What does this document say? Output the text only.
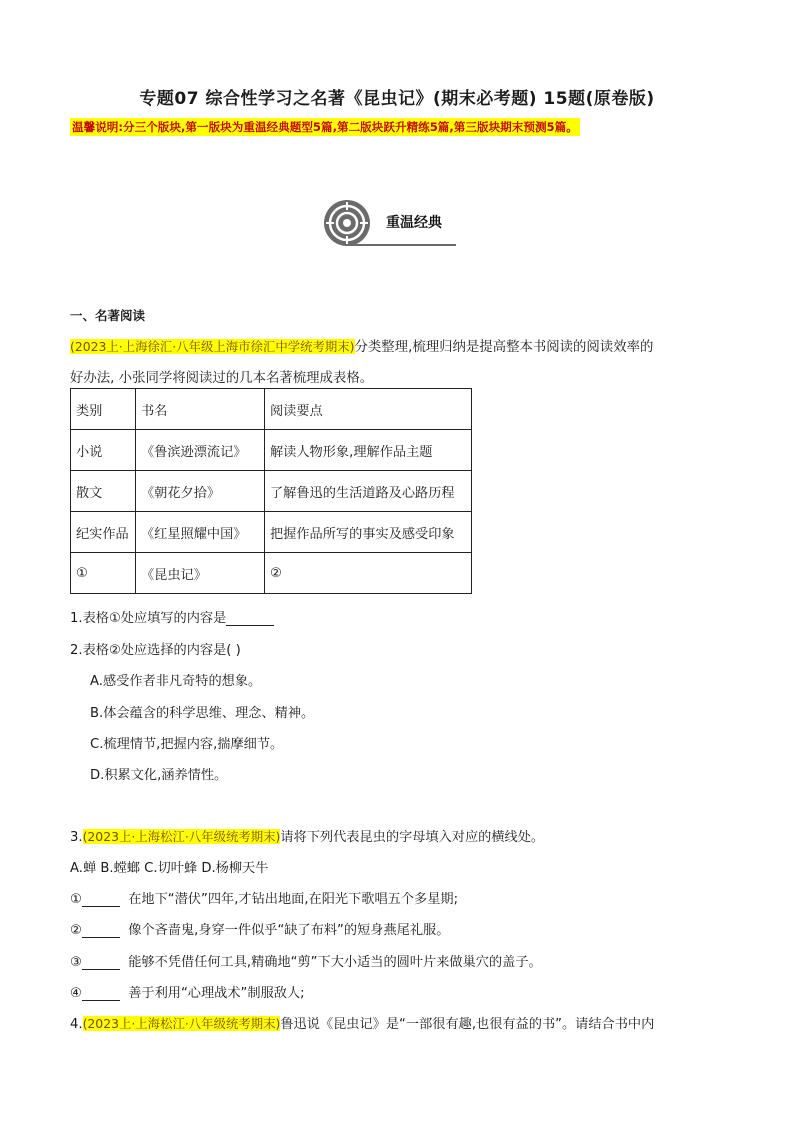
专题07 综合性学习之名著《昆虫记》(期末必考题) 15题(原卷版)
温馨说明:分三个版块,第一版块为重温经典题型5篇,第二版块跃升精练5篇,第三版块期末预测5篇。
重温经典
一、名著阅读
(2023上·上海徐汇·八年级上海市徐汇中学统考期末)分类整理,梳理归纳是提高整本书阅读的阅读效率的
好办法, 小张同学将阅读过的几本名著梳理成表格。
类别	书名	阅读要点
小说	《鲁滨逊漂流记》	解读人物形象,理解作品主题
散文	《朝花夕拾》	了解鲁迅的生活道路及心路历程
纪实作品	《红星照耀中国》	把握作品所写的事实及感受印象
①	《昆虫记》	②
1.表格①处应填写的内容是
2.表格②处应选择的内容是( )
A.感受作者非凡奇特的想象。
B.体会蕴含的科学思维、理念、精神。
C.梳理情节,把握内容,揣摩细节。
D.积累文化,涵养情性。
3.(2023上·上海松江·八年级统考期末)请将下列代表昆虫的字母填入对应的横线处。
A.蝉 B.螳螂 C.切叶蜂 D.杨柳天牛
①	在地下“潜伏”四年,才钻出地面,在阳光下歌唱五个多星期;
②	像个吝啬鬼,身穿一件似乎“缺了布料”的短身燕尾礼服。
③	能够不凭借任何工具,精确地“剪”下大小适当的圆叶片来做巢穴的盖子。
④	善于利用“心理战术”制服敌人;
4.(2023上·上海松江·八年级统考期末)鲁迅说《昆虫记》是“一部很有趣,也很有益的书”。请结合书中内
